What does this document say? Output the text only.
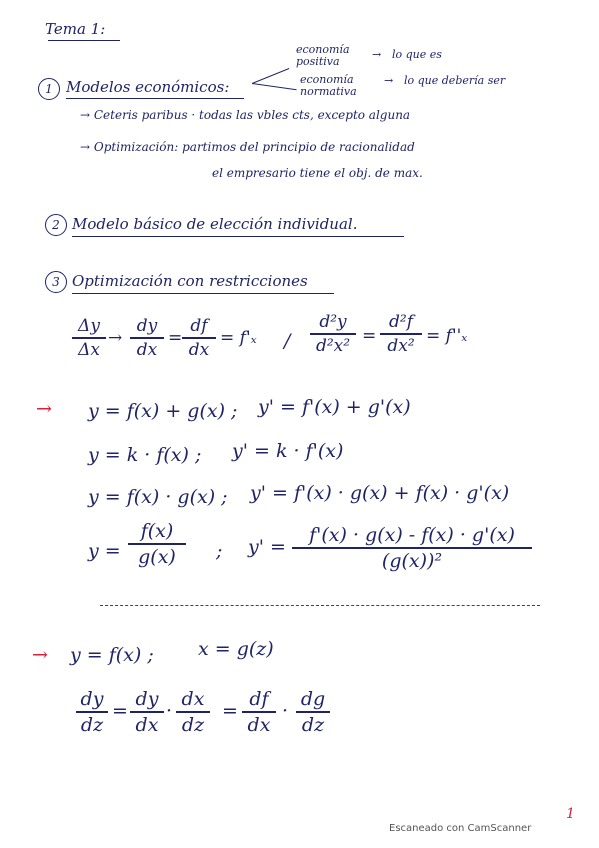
Tema 1:
1 Modelos económicos:
economía positiva
→ lo que es
economía normativa
→ lo que debería ser
→ Ceteris paribus · todas las vbles cts, excepto alguna
→ Optimización: partimos del principio de racionalidad
el empresario tiene el obj. de max.
2 Modelo básico de elección individual.
3 Optimización con restricciones
Δy
Δx
→
dy
dx
=
df
dx
= f'ₓ /
d²y
d²x² =
d²f
dx² = f''ₓ
→ y = f(x) + g(x) ; y' = f'(x) + g'(x)
y = k · f(x) ; y' = k · f'(x)
y = f(x) · g(x) ; y' = f'(x) · g(x) + f(x) · g'(x)
y =
f(x)
g(x)	; y' =
f'(x) · g(x) - f(x) · g'(x)
(g(x))²
→ y = f(x) ; x = g(z)
dy
dz
=
dy
dx
·
dx
dz
=
df
dx
·
dg
dz
1
Escaneado con CamScanner
